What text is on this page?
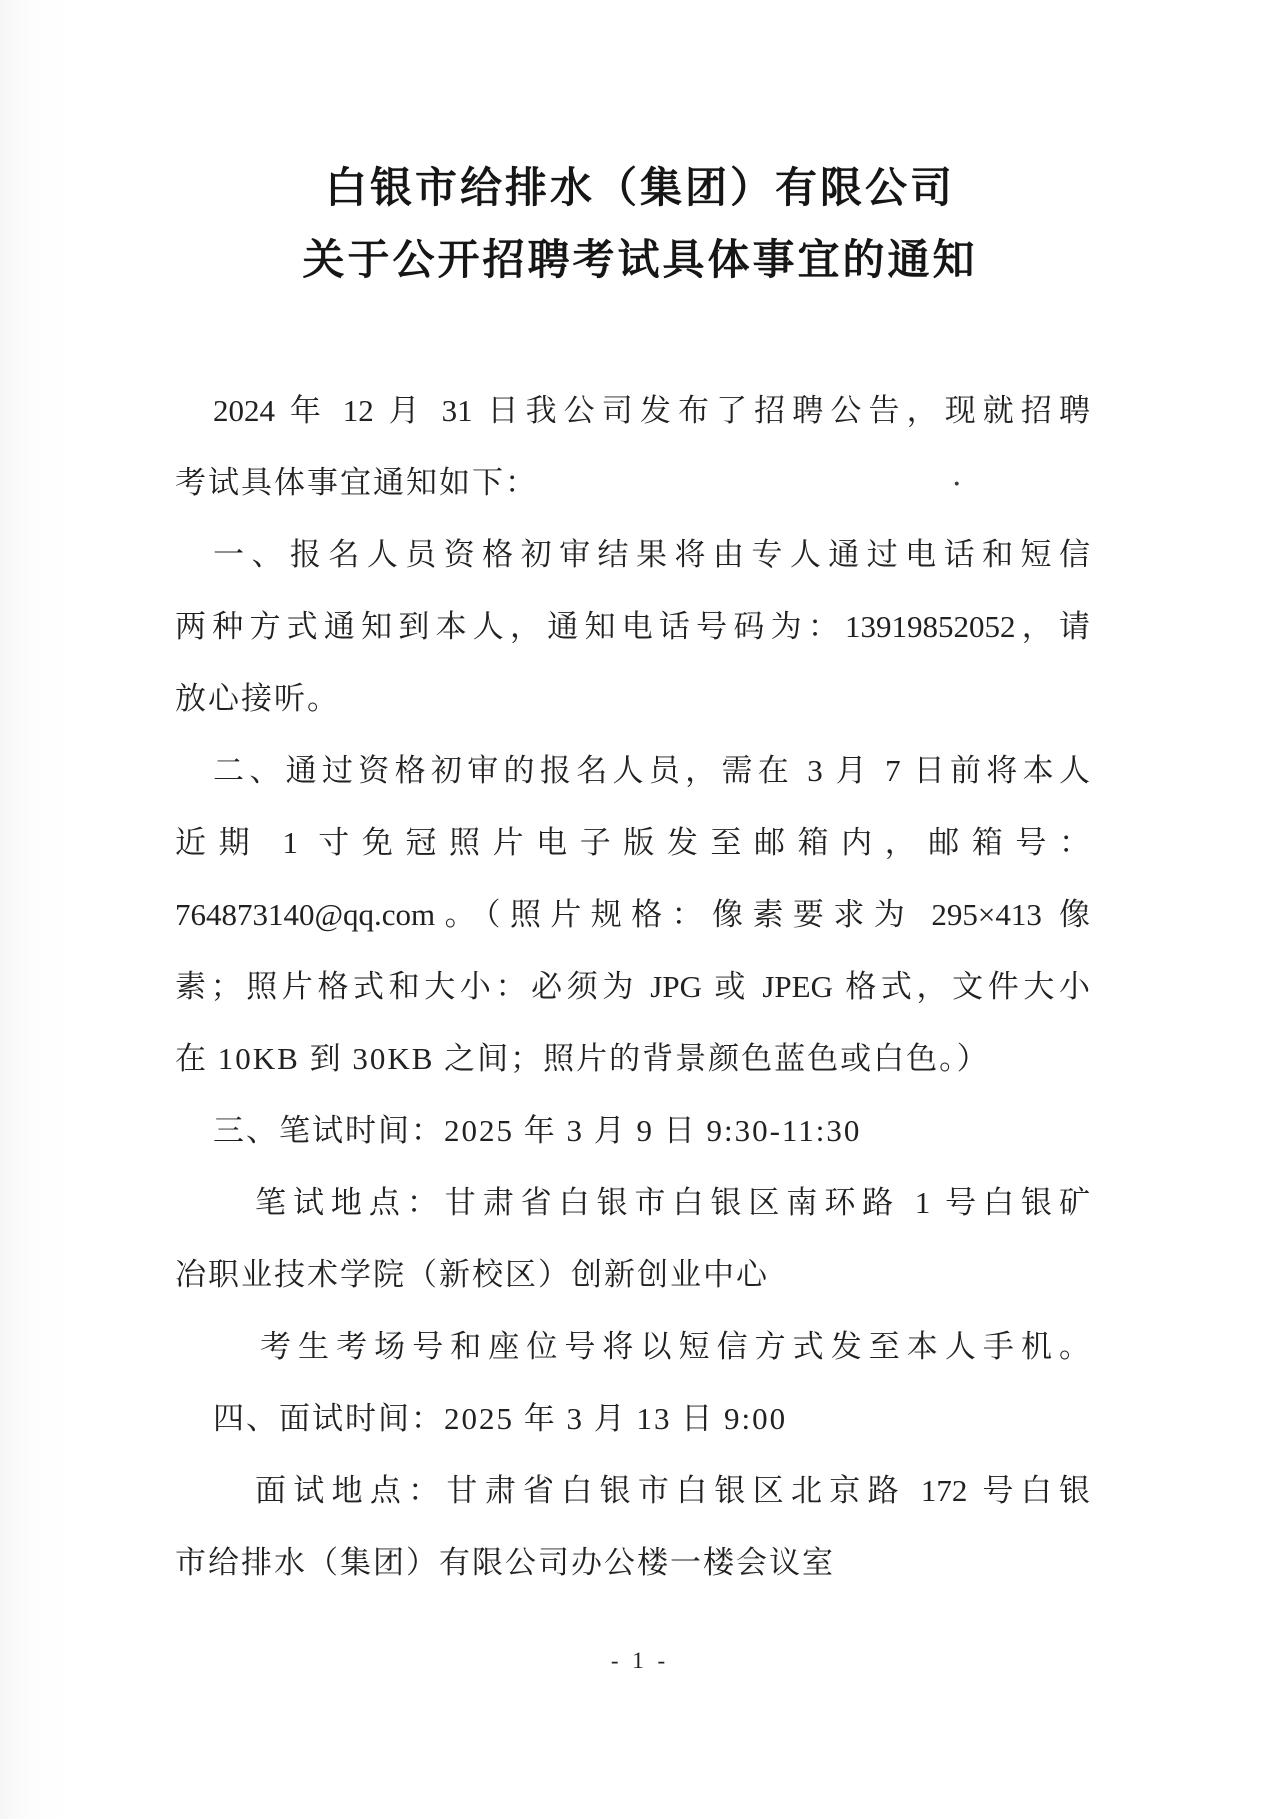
白银市给排水（集团）有限公司
关于公开招聘考试具体事宜的通知
2024 年 12 月 31 日我公司发布了招聘公告，现就招聘
考试具体事宜通知如下：
一、报名人员资格初审结果将由专人通过电话和短信
两种方式通知到本人，通知电话号码为：13919852052，请
放心接听。
二、通过资格初审的报名人员，需在 3 月 7 日前将本人
近期 1 寸免冠照片电子版发至邮箱内，邮箱号：
764873140@qq.com。（照片规格：像素要求为 295×413 像
素；照片格式和大小：必须为 JPG 或 JPEG 格式，文件大小
在 10KB 到 30KB 之间；照片的背景颜色蓝色或白色。）
三、笔试时间：2025 年 3 月 9 日 9:30-11:30
笔试地点：甘肃省白银市白银区南环路 1 号白银矿
冶职业技术学院（新校区）创新创业中心
考生考场号和座位号将以短信方式发至本人手机。
四、面试时间：2025 年 3 月 13 日 9:00
面试地点：甘肃省白银市白银区北京路 172 号白银
市给排水（集团）有限公司办公楼一楼会议室
·
- 1 -
